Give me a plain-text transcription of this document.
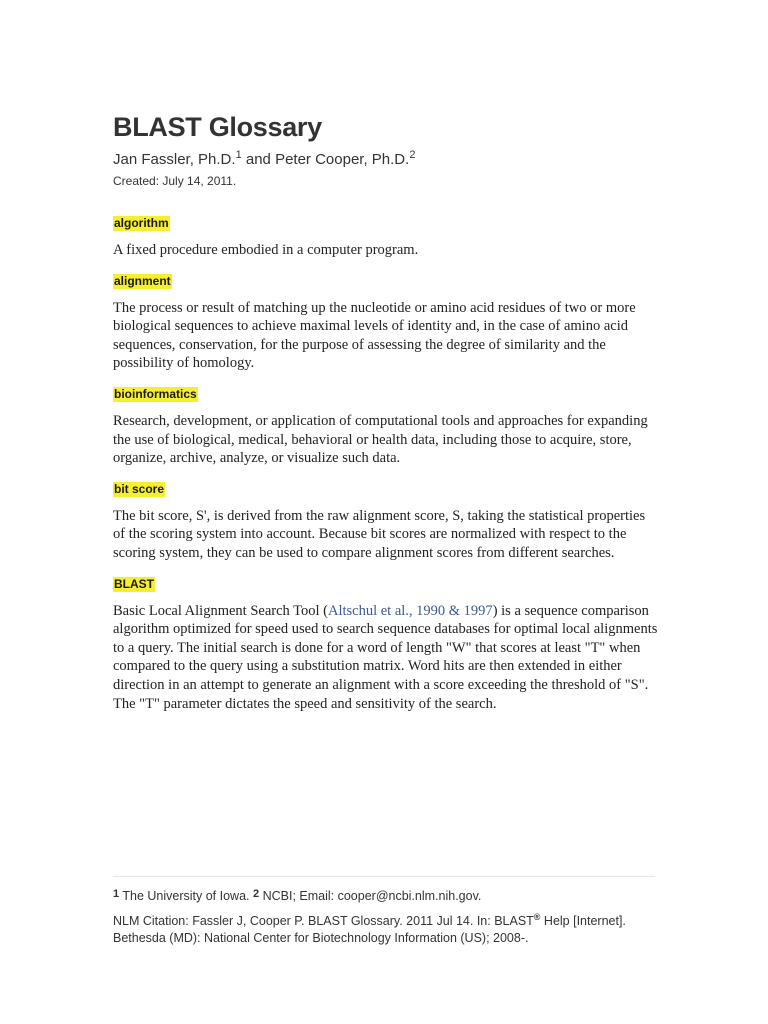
BLAST Glossary
Jan Fassler, Ph.D.$^1$ and Peter Cooper, Ph.D.$^2$
Created: July 14, 2011.
algorithm

A fixed procedure embodied in a computer program.

alignment

The process or result of matching up the nucleotide or amino acid residues of two or more biological sequences to achieve maximal levels of identity and, in the case of amino acid sequences, conservation, for the purpose of assessing the degree of similarity and the possibility of homology.

bioinformatics

Research, development, or application of computational tools and approaches for expanding the use of biological, medical, behavioral or health data, including those to acquire, store, organize, archive, analyze, or visualize such data.

bit score

The bit score, S', is derived from the raw alignment score, S, taking the statistical properties of the scoring system into account. Because bit scores are normalized with respect to the scoring system, they can be used to compare alignment scores from different searches.

BLAST

Basic Local Alignment Search Tool (Altschul et al., 1990 & 1997) is a sequence comparison algorithm optimized for speed used to search sequence databases for optimal local alignments to a query. The initial search is done for a word of length "W" that scores at least "T" when compared to the query using a substitution matrix. Word hits are then extended in either direction in an attempt to generate an alignment with a score exceeding the threshold of "S". The "T" parameter dictates the speed and sensitivity of the search.

1 The University of Iowa. 2 NCBI; Email: cooper@ncbi.nlm.nih.gov.
NLM Citation: Fassler J, Cooper P. BLAST Glossary. 2011 Jul 14. In: BLAST® Help [Internet]. Bethesda (MD): National Center for Biotechnology Information (US); 2008-.
